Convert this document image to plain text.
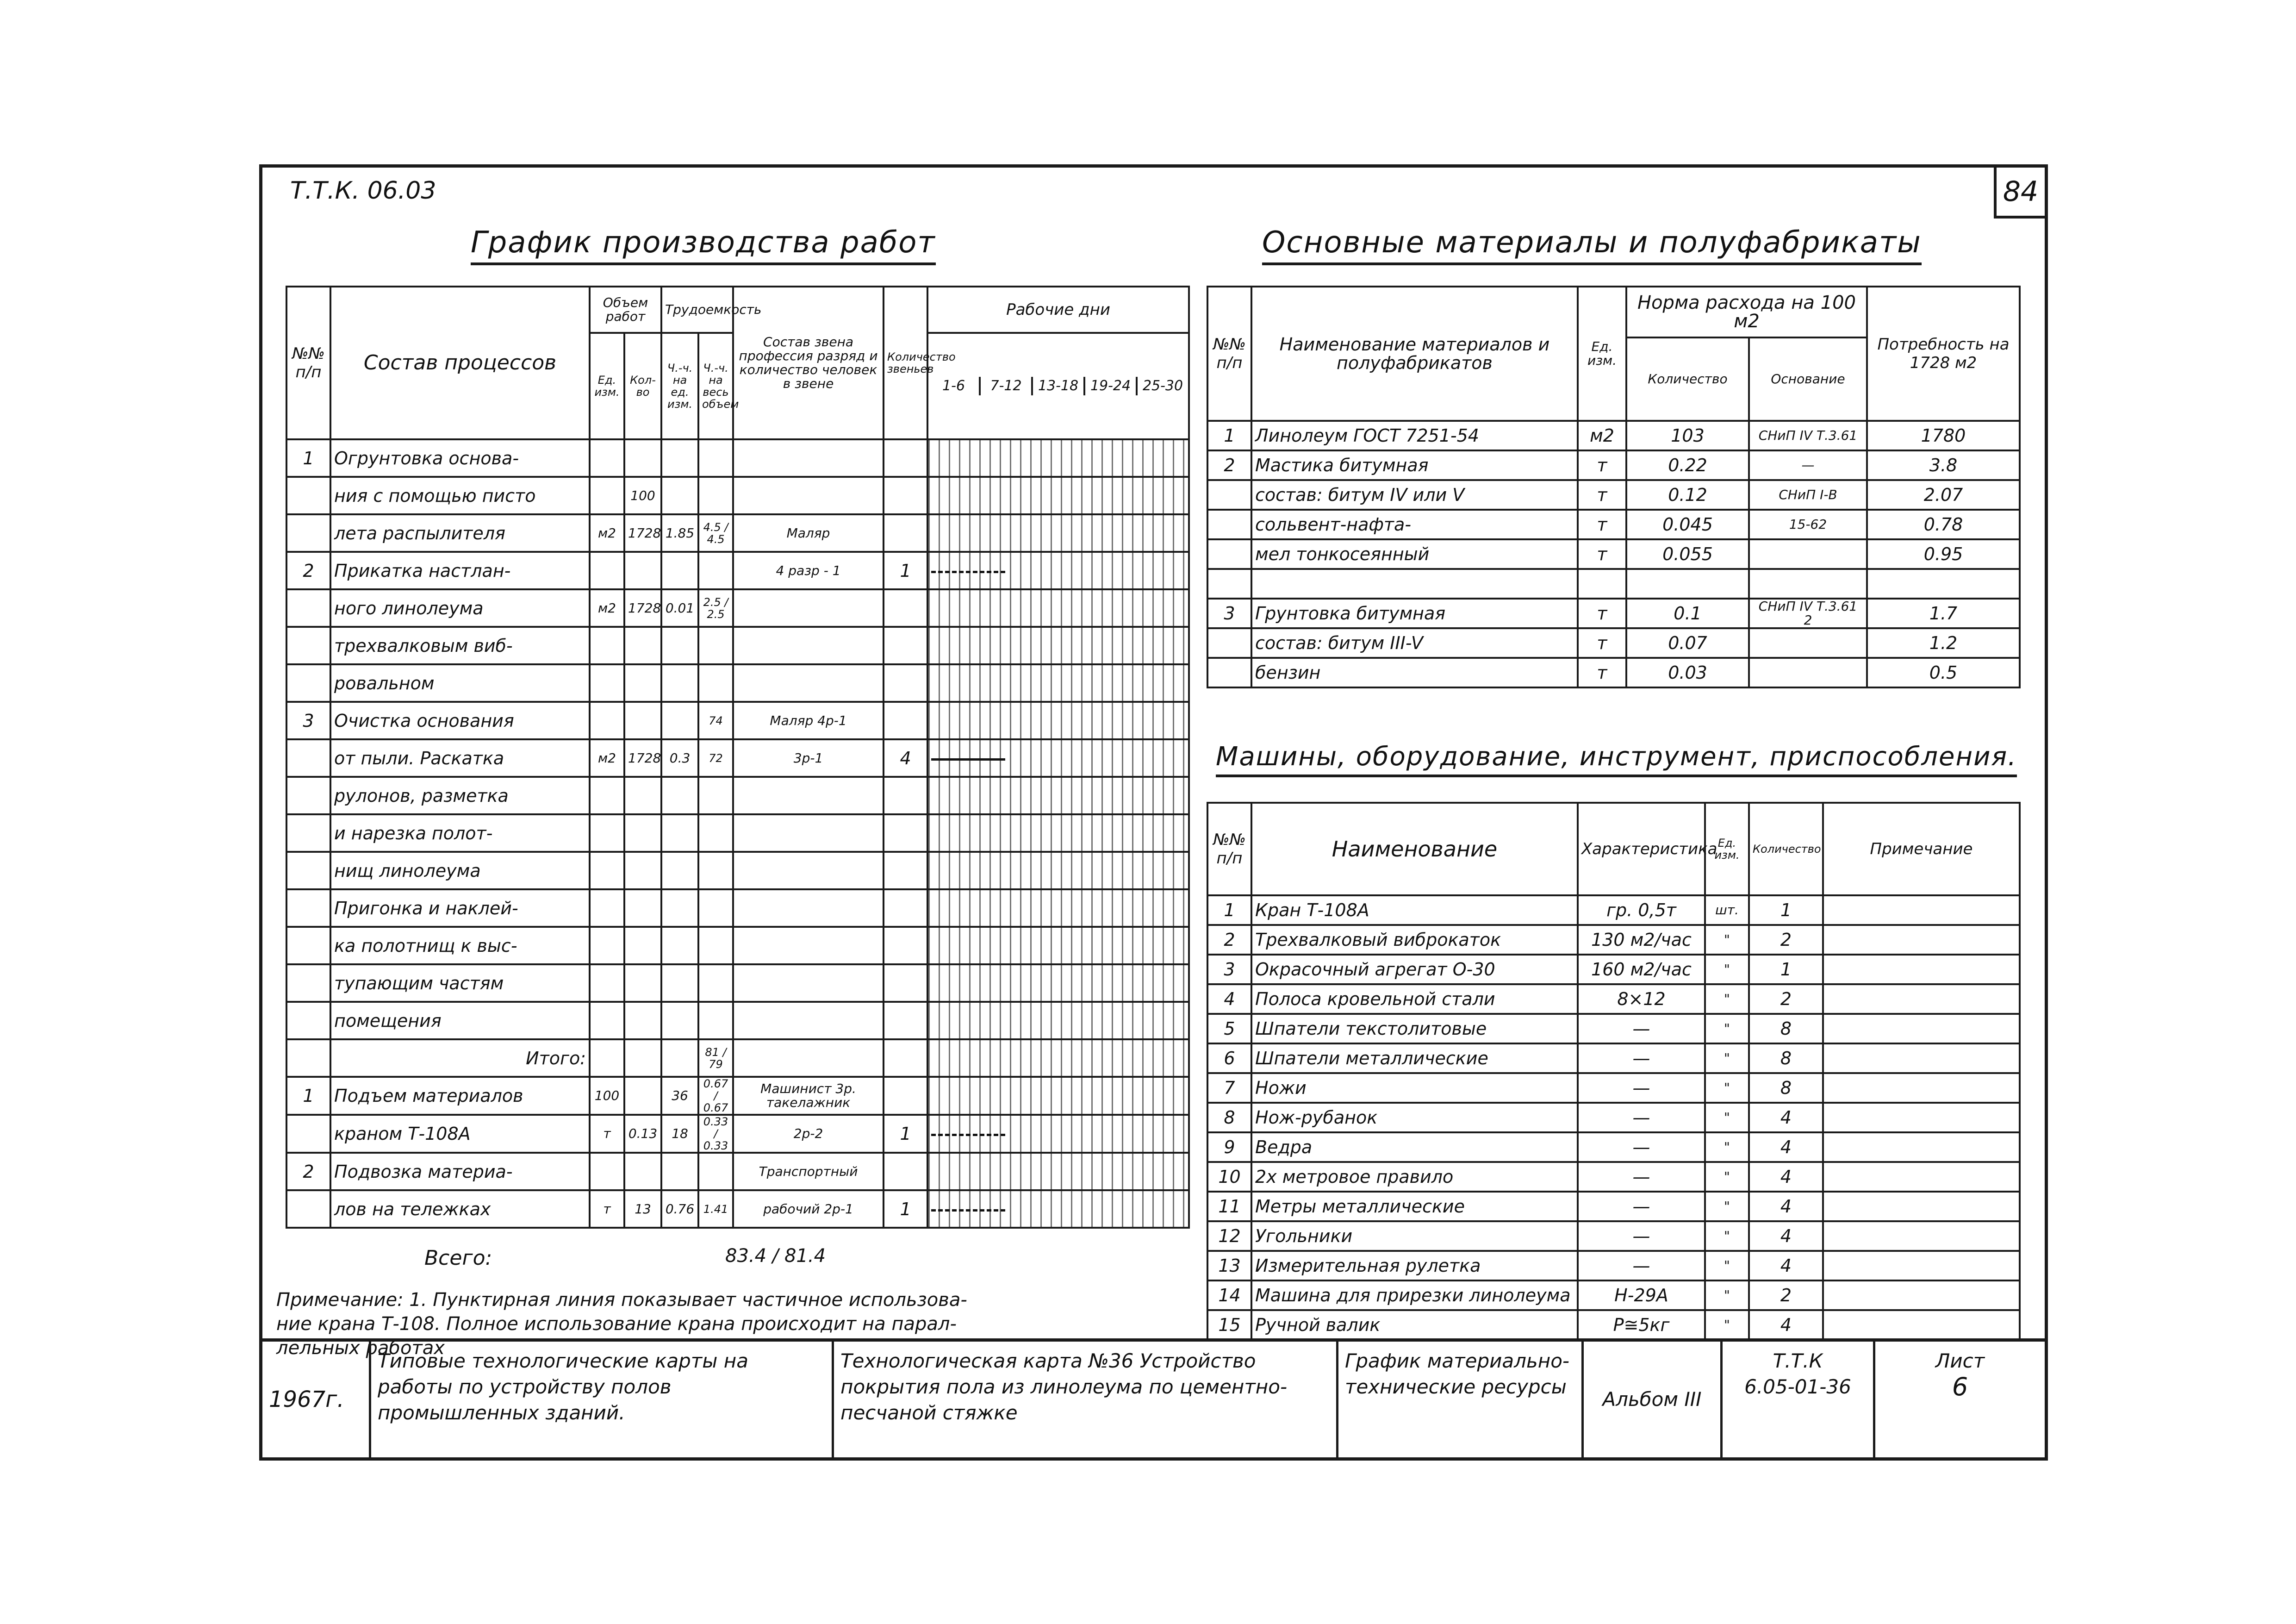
Т.Т.К. 06.03	84
График производства работ
№№ п/п	Состав процессов	Объем работ		Трудоемкость		Состав звена профессия разряд и количество человек в звене	Количество звеньев	Рабочие дни
		Ед. изм.	Кол-во	Ч.-ч. на ед. изм.	Ч.-ч. на весь объем			1-6 7-12 13-18 19-24 25-30

1	Огрунтовка основа-							
	ния с помощью писто		100					
	лета распылителя	м2	1728	1.85	4.5 / 4.5	Маляр		
2	Прикатка настлан-					4 разр - 1	1	
	ного линолеума	м2	1728	0.01	2.5 / 2.5			
	трехвалковым виб-							
	ровальном							
3	Очистка основания				74	Маляр 4р-1		
	от пыли. Раскатка	м2	1728	0.3	72	3р-1	4	
	рулонов, разметка							
	и нарезка полот-							
	нищ линолеума							
	Пригонка и наклей-							
	ка полотнищ к выс-							
	тупающим частям							
	помещения							
	Итого:				81 / 79			
1	Подъем материалов	100		36	0.67 / 0.67	Машинист 3р. такелажник		
	краном Т-108А	т	0.13	18	0.33 / 0.33	2р-2	1	
2	Подвозка материа-					Транспортный		
	лов на тележках	т	13	0.76	1.41	рабочий 2р-1	1	
Всего:	83.4 / 81.4
Примечание: 1. Пунктирная линия показывает частичное использова-
ние крана Т-108. Полное использование крана происходит на парал-
лельных работах
Основные материалы и полуфабрикаты
№№ п/п	Наименование материалов и полуфабрикатов	Ед. изм.	Норма расхода на 100 м2		Потребность на 1728 м2
			Количество	Основание	
1	Линолеум ГОСТ 7251-54	м2	103	СНиП IV Т.3.61	1780
2	Мастика битумная	т	0.22	—	3.8
	состав: битум IV или V	т	0.12	СНиП I-В	2.07
	сольвент-нафта-	т	0.045	15-62	0.78
	мел тонкосеянный	т	0.055		0.95

3	Грунтовка битумная	т	0.1	СНиП IV Т.3.61 2	1.7
	состав: битум III-V	т	0.07		1.2
	бензин	т	0.03		0.5
Машины, оборудование, инструмент, приспособления.
№№ п/п	Наименование	Характеристика	Ед. изм.	Количество	Примечание
1	Кран Т-108А	гр. 0,5т	шт.	1	
2	Трехвалковый виброкаток	130 м2/час	"	2	
3	Окрасочный агрегат О-30	160 м2/час	"	1	
4	Полоса кровельной стали	8×12	"	2	
5	Шпатели текстолитовые	—	"	8	
6	Шпатели металлические	—	"	8	
7	Ножи	—	"	8	
8	Нож-рубанок	—	"	4	
9	Ведра	—	"	4	
10	2х метровое правило	—	"	4	
11	Метры металлические	—	"	4	
12	Угольники	—	"	4	
13	Измерительная рулетка	—	"	4	
14	Машина для прирезки линолеума	Н-29А	"	2	
15	Ручной валик	P≅5кг	"	4	
1967г.
Типовые технологические карты на работы по устройству полов промышленных зданий.
Технологическая карта №36 Устройство покрытия пола из линолеума по цементно-песчаной стяжке
График материально-технические ресурсы
Альбом III
Т.Т.К
6.05-01-36
Лист
6
